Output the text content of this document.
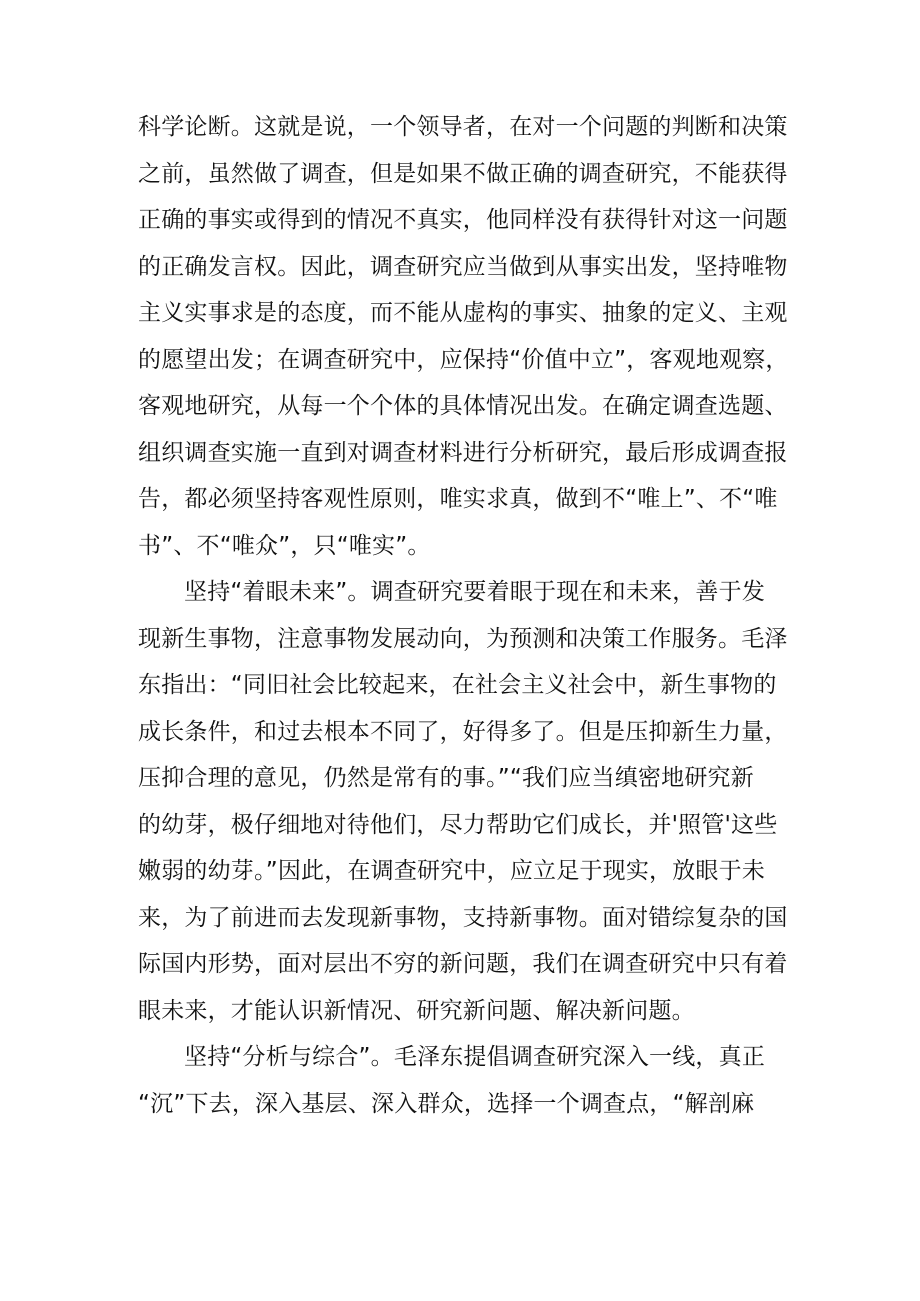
科学论断。这就是说，一个领导者，在对一个问题的判断和决策
之前，虽然做了调查，但是如果不做正确的调查研究，不能获得
正确的事实或得到的情况不真实，他同样没有获得针对这一问题
的正确发言权。因此，调查研究应当做到从事实出发，坚持唯物
主义实事求是的态度，而不能从虚构的事实、抽象的定义、主观
的愿望出发；在调查研究中，应保持“价值中立”，客观地观察，
客观地研究，从每一个个体的具体情况出发。在确定调查选题、
组织调查实施一直到对调查材料进行分析研究，最后形成调查报
告，都必须坚持客观性原则，唯实求真，做到不“唯上”、不“唯
书”、不“唯众”，只“唯实”。
坚持“着眼未来”。调查研究要着眼于现在和未来，善于发
现新生事物，注意事物发展动向，为预测和决策工作服务。毛泽
东指出：“同旧社会比较起来，在社会主义社会中，新生事物的
成长条件，和过去根本不同了，好得多了。但是压抑新生力量，
压抑合理的意见，仍然是常有的事。”“我们应当缜密地研究新
的幼芽，极仔细地对待他们，尽力帮助它们成长，并'照管'这些
嫩弱的幼芽。”因此，在调查研究中，应立足于现实，放眼于未
来，为了前进而去发现新事物，支持新事物。面对错综复杂的国
际国内形势，面对层出不穷的新问题，我们在调查研究中只有着
眼未来，才能认识新情况、研究新问题、解决新问题。
坚持“分析与综合”。毛泽东提倡调查研究深入一线，真正
“沉”下去，深入基层、深入群众，选择一个调查点，“解剖麻
